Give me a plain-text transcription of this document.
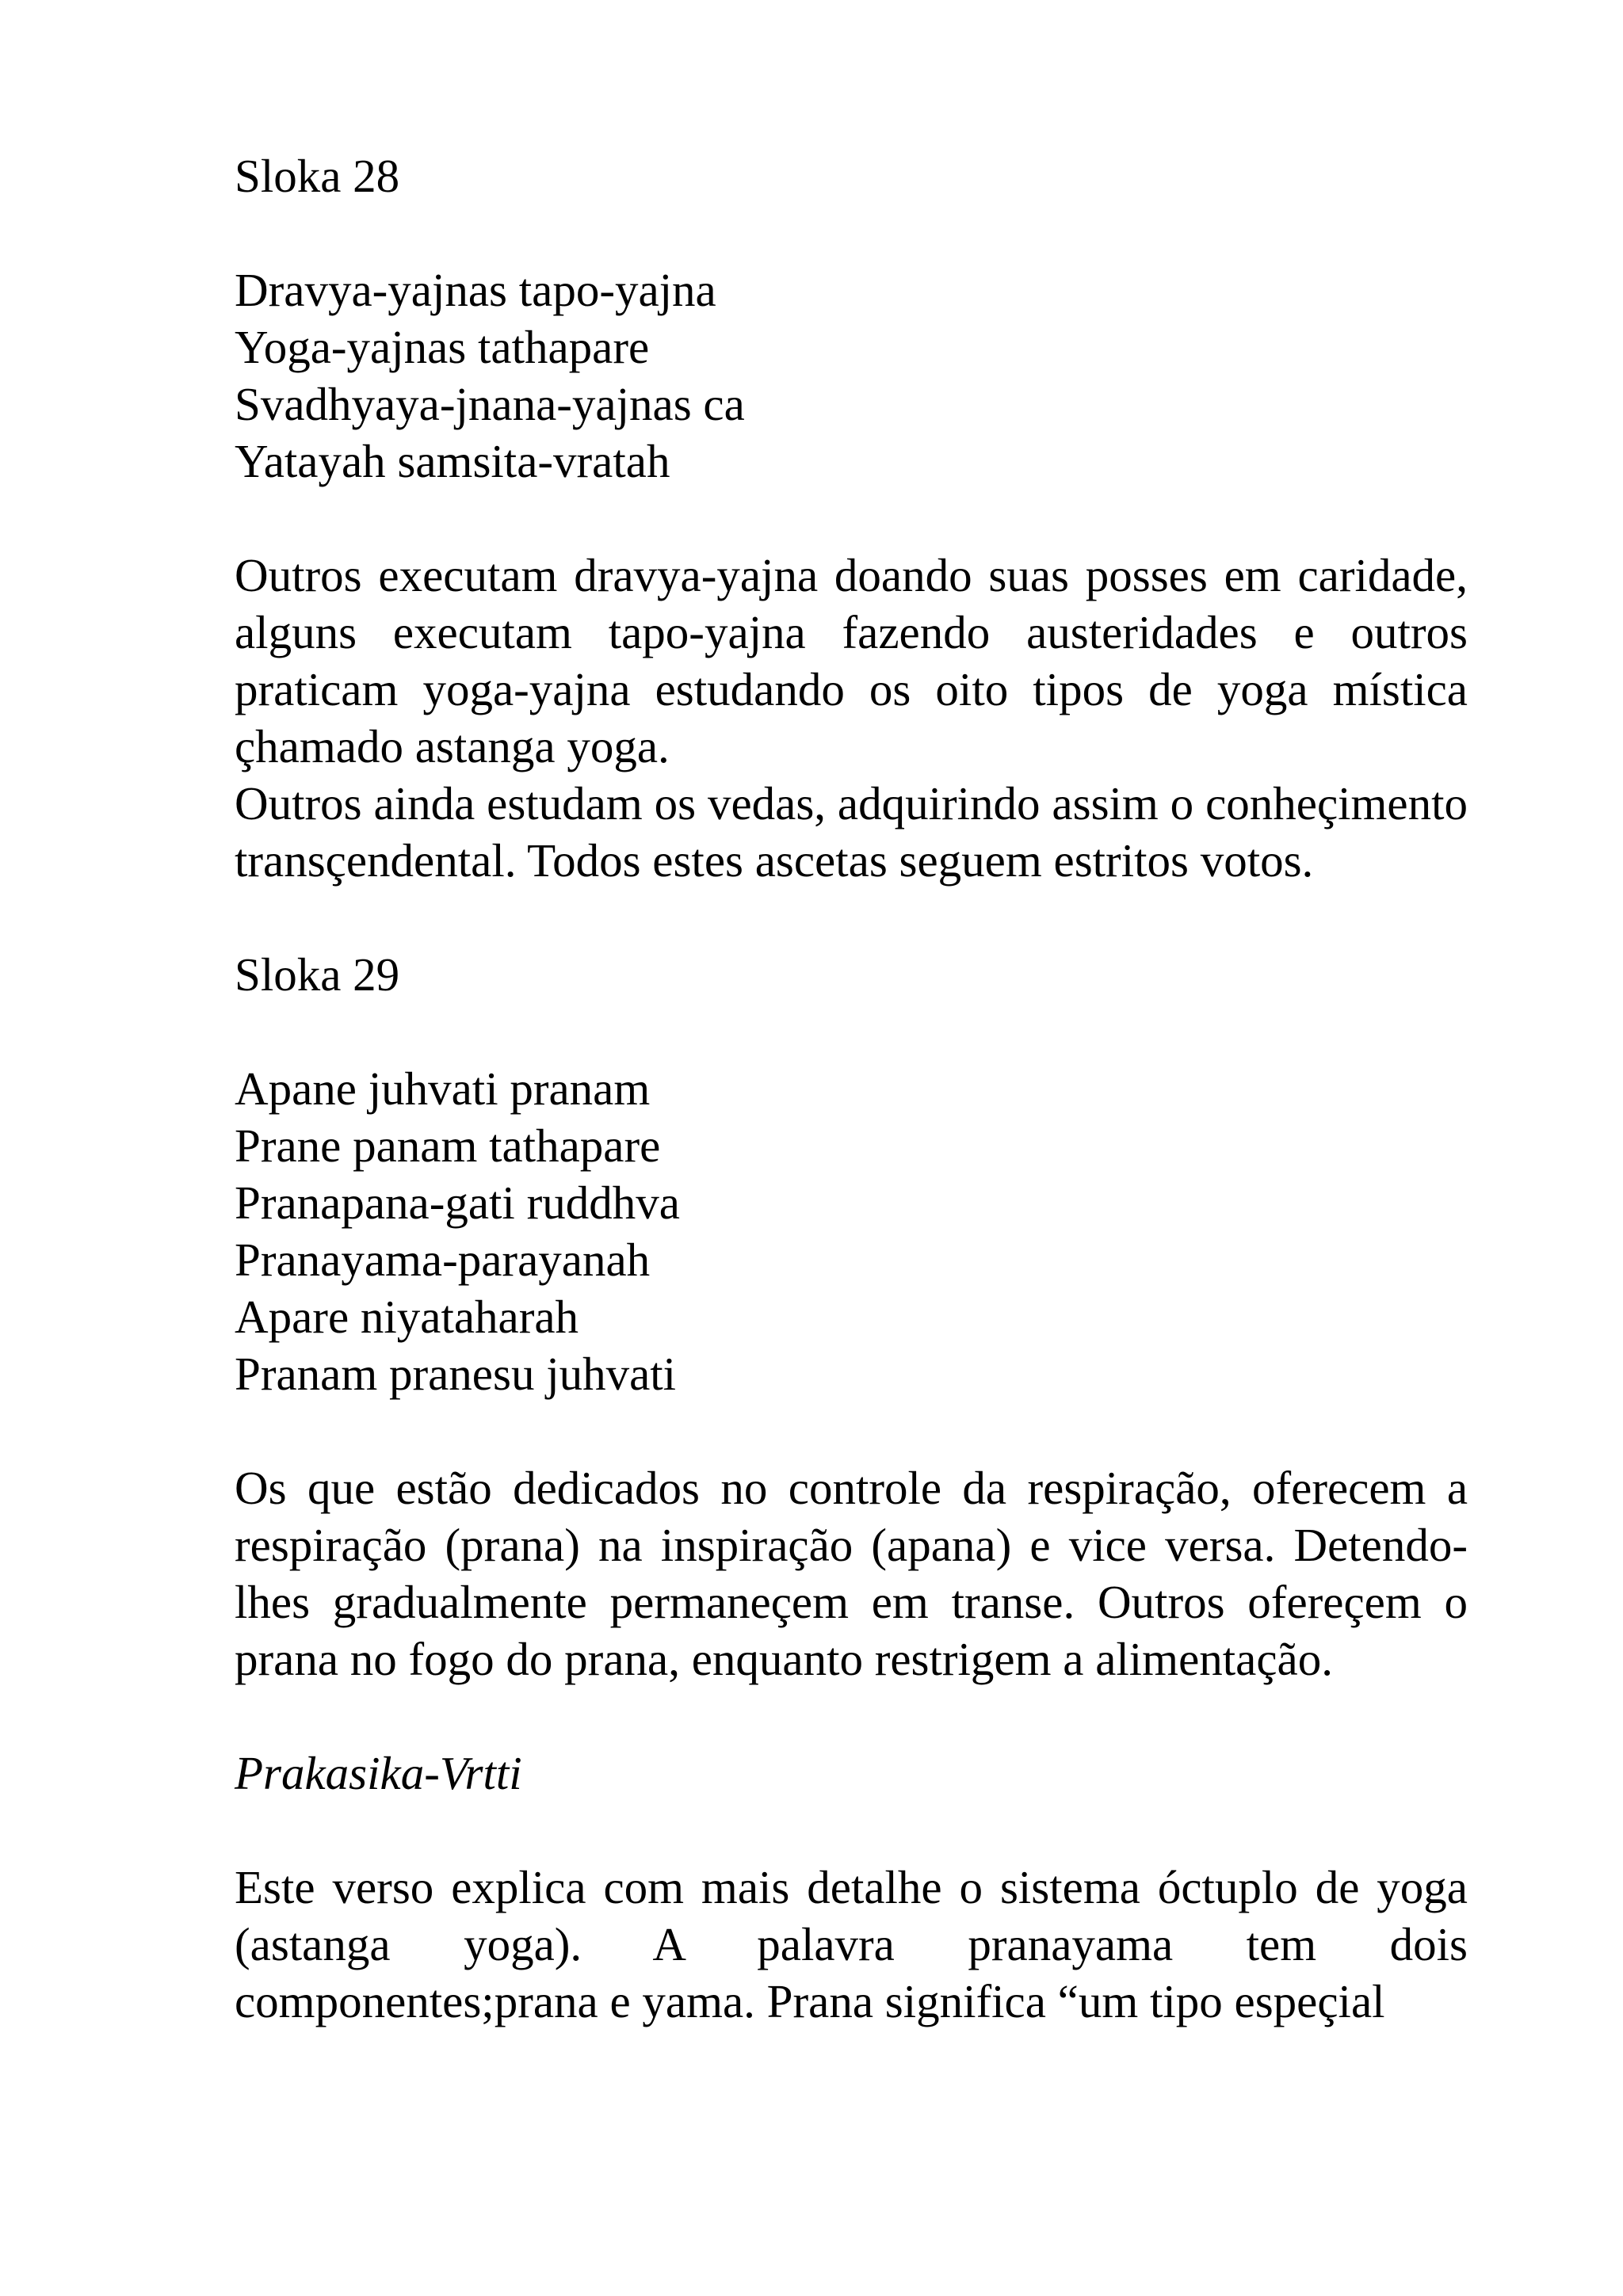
Sloka 28

Dravya-yajnas tapo-yajna
Yoga-yajnas tathapare
Svadhyaya-jnana-yajnas ca
Yatayah samsita-vratah

Outros executam dravya-yajna doando suas posses em caridade, alguns executam tapo-yajna fazendo austeridades e outros praticam yoga-yajna estudando os oito tipos de yoga mística çhamado astanga yoga.

Outros ainda estudam os vedas, adquirindo assim o conheçimento transçendental. Todos estes ascetas seguem estritos votos.

Sloka 29

Apane juhvati pranam
Prane panam tathapare
Pranapana-gati ruddhva
Pranayama-parayanah
Apare niyataharah
Pranam pranesu juhvati

Os que estão dedicados no controle da respiração, oferecem a respiração (prana) na inspiração (apana) e vice versa. Detendo-lhes gradualmente permaneçem em transe. Outros ofereçem o prana no fogo do prana, enquanto restrigem a alimentação.

Prakasika-Vrtti

Este verso explica com mais detalhe o sistema óctuplo de yoga (astanga yoga). A palavra pranayama tem dois componentes;prana e yama. Prana significa “um tipo espeçial
